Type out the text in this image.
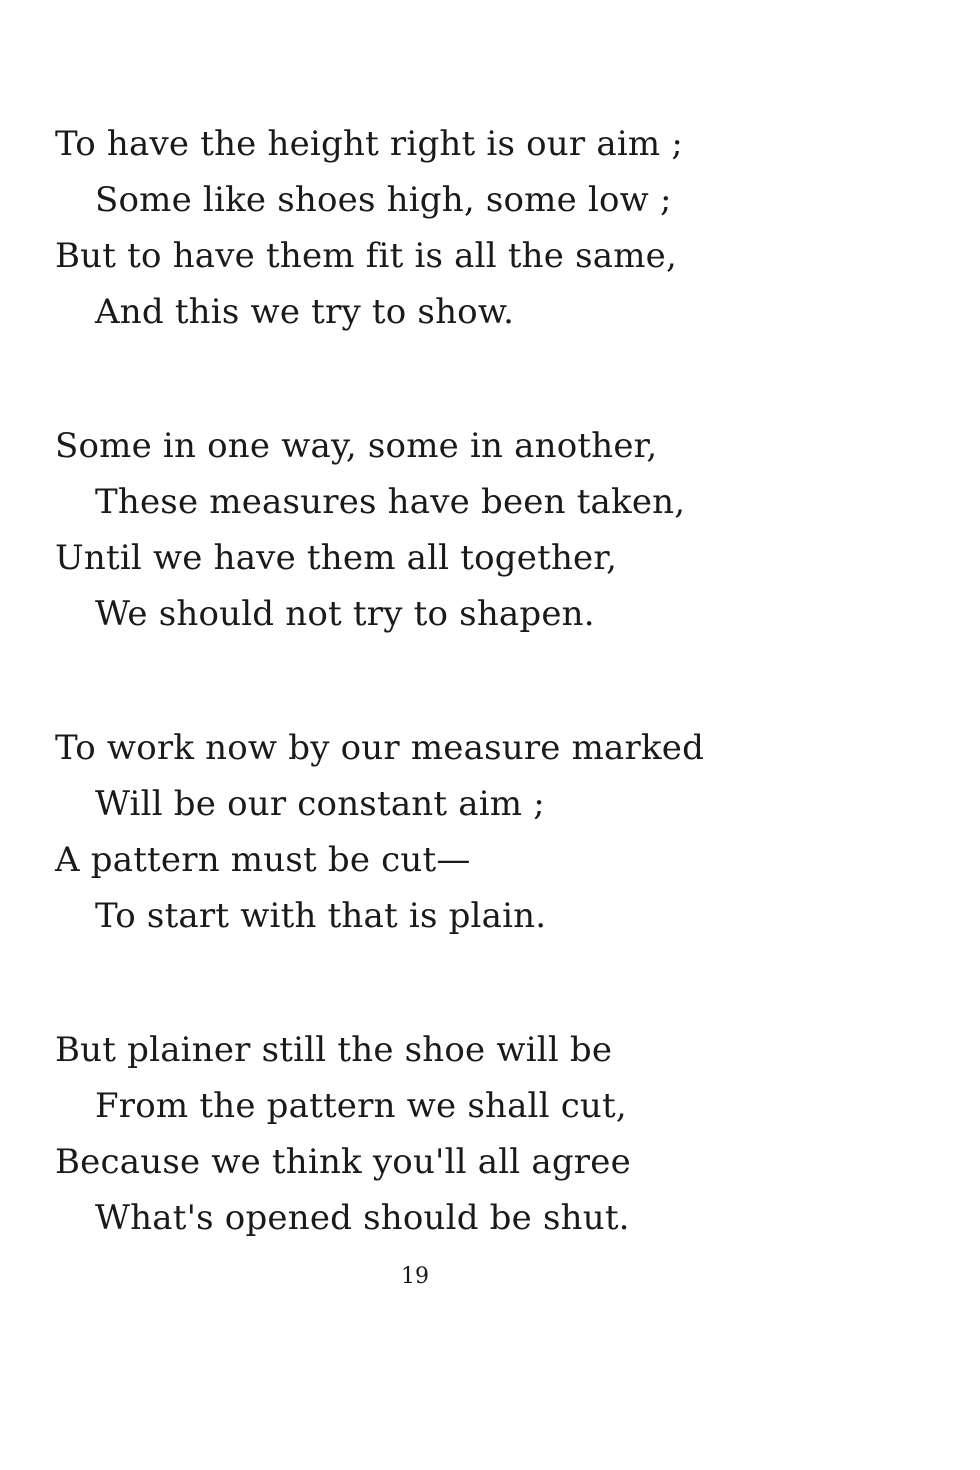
To have the height right is our aim ;
Some like shoes high, some low ;
But to have them fit is all the same,
And this we try to show.
Some in one way, some in another,
These measures have been taken,
Until we have them all together,
We should not try to shapen.
To work now by our measure marked
Will be our constant aim ;
A pattern must be cut—
To start with that is plain.
But plainer still the shoe will be
From the pattern we shall cut,
Because we think you'll all agree
What's opened should be shut.
19
